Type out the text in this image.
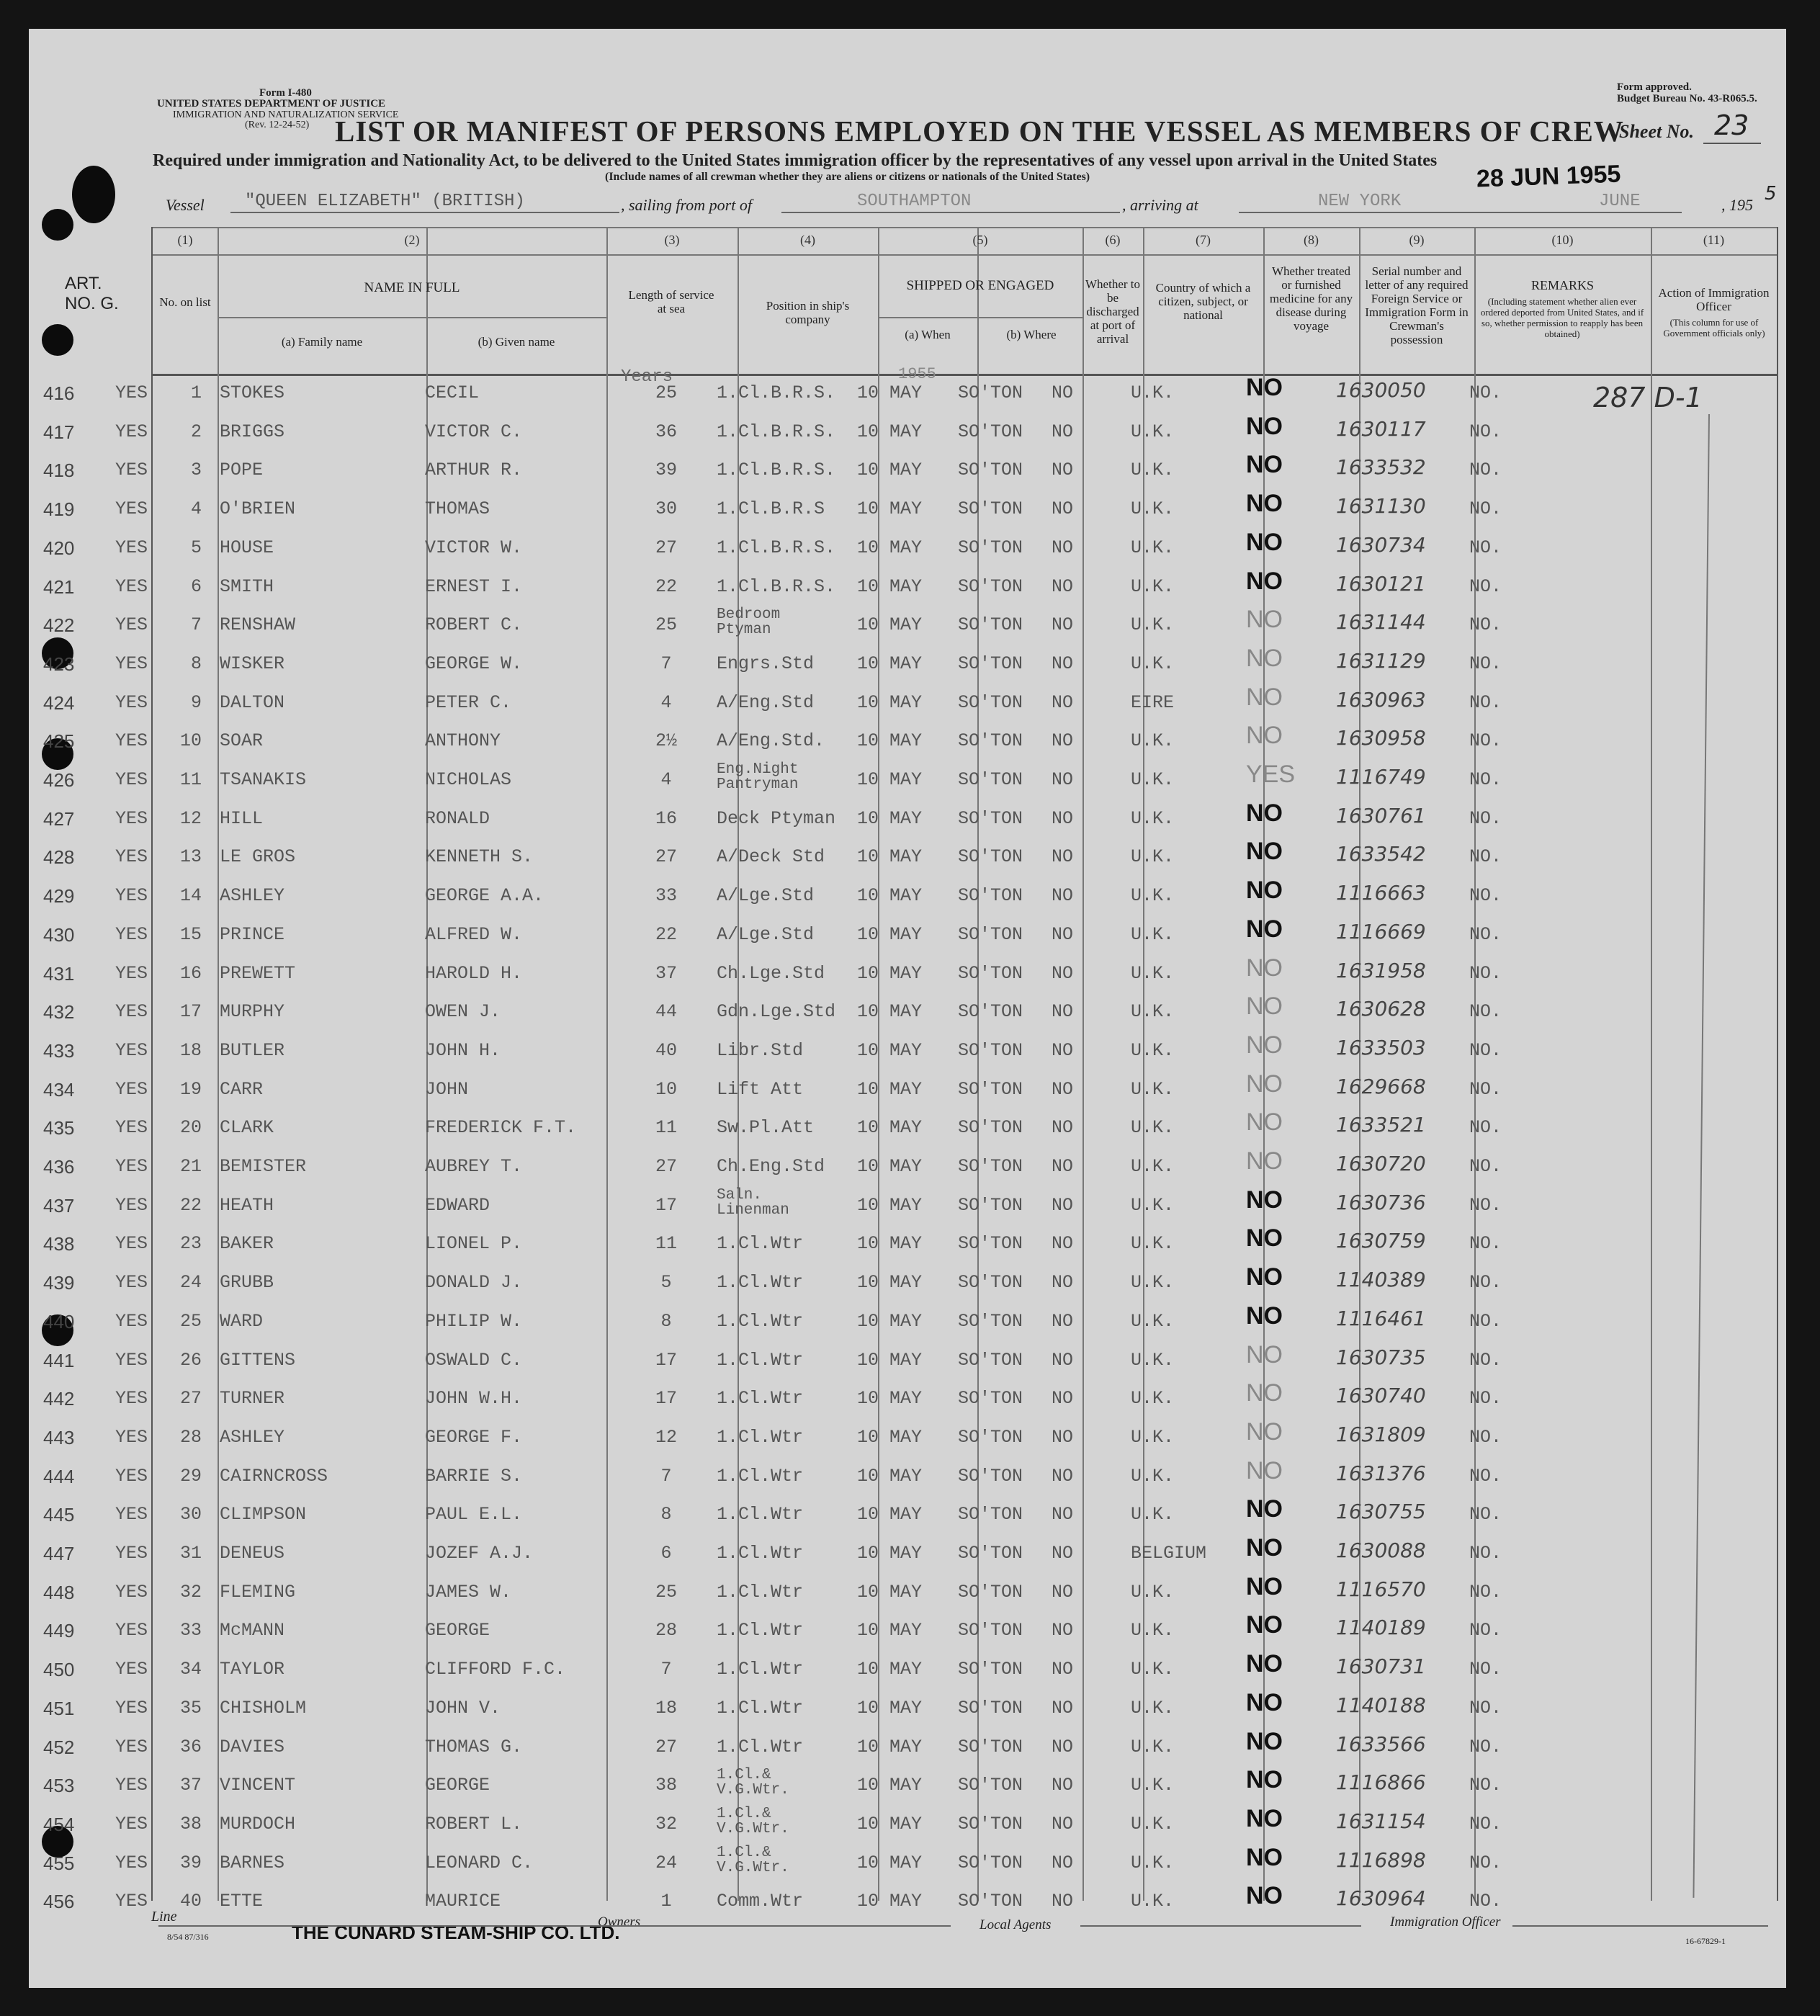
Form I-480
UNITED STATES DEPARTMENT OF JUSTICE
IMMIGRATION AND NATURALIZATION SERVICE
(Rev. 12-24-52)
Form approved.
Budget Bureau No. 43-R065.5.
LIST OR MANIFEST OF PERSONS EMPLOYED ON THE VESSEL AS MEMBERS OF CREW
Sheet No. 23
Required under immigration and Nationality Act, to be delivered to the United States immigration officer by the representatives of any vessel upon arrival in the United States
(Include names of all crewman whether they are aliens or citizens or nationals of the United States)
Vessel "QUEEN ELIZABETH" (BRITISH)	, sailing from port of	SOUTHAMPTON	, arriving at	NEW YORK
28 JUN 1955
JUNE	, 195
5
ART. NO. G.
(1)	(2)	(3)	(4)	(5)	(6)	(7)	(8)	(9)	(10)	(11)
No. on list
NAME IN FULL
(a) Family name	(b) Given name
Length of service at sea	Position in ship's company
SHIPPED OR ENGAGED
(a) When	(b) Where
Whether to be discharged at port of arrival
Country of which a citizen, subject, or national
Whether treated or furnished medicine for any disease during voyage
Serial number and letter of any required Foreign Service or Immigration Form in Crewman's possession
REMARKS
(Including statement whether alien ever ordered deported from United States, and if so, whether permission to reapply has been obtained)
Action of Immigration Officer
(This column for use of Government officials only)
Years	1955
287 D-1
416 YES	1 STOKES	CECIL	25	1.Cl.B.R.S. 10 MAY SO'TON NO	U.K.	NO	1630050 NO.
417 YES	2 BRIGGS	VICTOR C.	36	1.Cl.B.R.S. 10 MAY SO'TON NO	U.K.	NO	1630117 NO.
418 YES	3 POPE	ARTHUR R.	39	1.Cl.B.R.S. 10 MAY SO'TON NO	U.K.	NO	1633532 NO.
419 YES	4 O'BRIEN	THOMAS	30	1.Cl.B.R.S 10 MAY SO'TON NO	U.K.	NO	1631130 NO.
420 YES	5 HOUSE	VICTOR W.	27	1.Cl.B.R.S. 10 MAY SO'TON NO	U.K.	NO	1630734 NO.
421 YES	6 SMITH	ERNEST I.	22	1.Cl.B.R.S. 10 MAY SO'TON NO	U.K.	NO	1630121 NO.
422 YES	7 RENSHAW	ROBERT C.	25	Bedroom
Ptyman	10 MAY SO'TON NO	U.K.	NO	1631144 NO.
423 YES	8 WISKER	GEORGE W.	7	Engrs.Std 10 MAY SO'TON NO	U.K.	NO	1631129 NO.
424 YES	9 DALTON	PETER C.	4	A/Eng.Std 10 MAY SO'TON NO	EIRE	NO	1630963 NO.
425 YES 10 SOAR	ANTHONY	2½	A/Eng.Std. 10 MAY SO'TON NO	U.K.	NO	1630958 NO.
426 YES 11 TSANAKIS	NICHOLAS	4	Eng.Night
Pantryman	10 MAY SO'TON NO	U.K.	YES 1116749 NO.
427 YES 12 HILL	RONALD	16	Deck Ptyman 10 MAY SO'TON NO	U.K.	NO	1630761 NO.
428 YES 13 LE GROS	KENNETH S.	27	A/Deck Std 10 MAY SO'TON NO	U.K.	NO	1633542 NO.
429 YES 14 ASHLEY	GEORGE A.A.	33	A/Lge.Std 10 MAY SO'TON NO	U.K.	NO	1116663 NO.
430 YES 15 PRINCE	ALFRED W.	22	A/Lge.Std 10 MAY SO'TON NO	U.K.	NO	1116669 NO.
431 YES 16 PREWETT	HAROLD H.	37	Ch.Lge.Std 10 MAY SO'TON NO	U.K.	NO	1631958 NO.
432 YES 17 MURPHY	OWEN J.	44	Gdn.Lge.Std 10 MAY SO'TON NO	U.K.	NO	1630628 NO.
433 YES 18 BUTLER	JOHN H.	40	Libr.Std	10 MAY SO'TON NO	U.K.	NO	1633503 NO.
434 YES 19 CARR	JOHN	10	Lift Att	10 MAY SO'TON NO	U.K.	NO	1629668 NO.
435 YES 20 CLARK	FREDERICK F.T.	11	Sw.Pl.Att 10 MAY SO'TON NO	U.K.	NO	1633521 NO.
436 YES 21 BEMISTER	AUBREY T.	27	Ch.Eng.Std 10 MAY SO'TON NO	U.K.	NO	1630720 NO.
437 YES 22 HEATH	EDWARD	17	Saln.
Linenman	10 MAY SO'TON NO	U.K.	NO	1630736 NO.
438 YES 23 BAKER	LIONEL P.	11	1.Cl.Wtr	10 MAY SO'TON NO	U.K.	NO	1630759 NO.
439 YES 24 GRUBB	DONALD J.	5	1.Cl.Wtr	10 MAY SO'TON NO	U.K.	NO	1140389 NO.
440 YES 25 WARD	PHILIP W.	8	1.Cl.Wtr	10 MAY SO'TON NO	U.K.	NO	1116461 NO.
441 YES 26 GITTENS	OSWALD C.	17	1.Cl.Wtr	10 MAY SO'TON NO	U.K.	NO	1630735 NO.
442 YES 27 TURNER	JOHN W.H.	17	1.Cl.Wtr	10 MAY SO'TON NO	U.K.	NO	1630740 NO.
443 YES 28 ASHLEY	GEORGE F.	12	1.Cl.Wtr	10 MAY SO'TON NO	U.K.	NO	1631809 NO.
444 YES 29 CAIRNCROSS	BARRIE S.	7	1.Cl.Wtr	10 MAY SO'TON NO	U.K.	NO	1631376 NO.
445 YES 30 CLIMPSON	PAUL E.L.	8	1.Cl.Wtr	10 MAY SO'TON NO	U.K.	NO	1630755 NO.
447 YES 31 DENEUS	JOZEF A.J.	6	1.Cl.Wtr	10 MAY SO'TON NO	BELGIUM NO	1630088 NO.
448 YES 32 FLEMING	JAMES W.	25	1.Cl.Wtr	10 MAY SO'TON NO	U.K.	NO	1116570 NO.
449 YES 33 McMANN	GEORGE	28	1.Cl.Wtr	10 MAY SO'TON NO	U.K.	NO	1140189 NO.
450 YES 34 TAYLOR	CLIFFORD F.C.	7	1.Cl.Wtr	10 MAY SO'TON NO	U.K.	NO	1630731 NO.
451 YES 35 CHISHOLM	JOHN V.	18	1.Cl.Wtr	10 MAY SO'TON NO	U.K.	NO	1140188 NO.
452 YES 36 DAVIES	THOMAS G.	27	1.Cl.Wtr	10 MAY SO'TON NO	U.K.	NO	1633566 NO.
453 YES 37 VINCENT	GEORGE	38	1.Cl.&
V.G.Wtr.	10 MAY SO'TON NO	U.K.	NO	1116866 NO.
454 YES 38 MURDOCH	ROBERT L.	32	1.Cl.&
V.G.Wtr.	10 MAY SO'TON NO	U.K.	NO	1631154 NO.
455 YES 39 BARNES	LEONARD C.	24	1.Cl.&
V.G.Wtr.	10 MAY SO'TON NO	U.K.	NO	1116898 NO.
456 YES 40 ETTE	MAURICE	1	Comm.Wtr	10 MAY SO'TON NO	U.K.	NO	1630964 NO.
Line
8/54 87/316	THE CUNARD STEAM-SHIP CO. LTD.
Owners	Local Agents	Immigration Officer
16-67829-1
